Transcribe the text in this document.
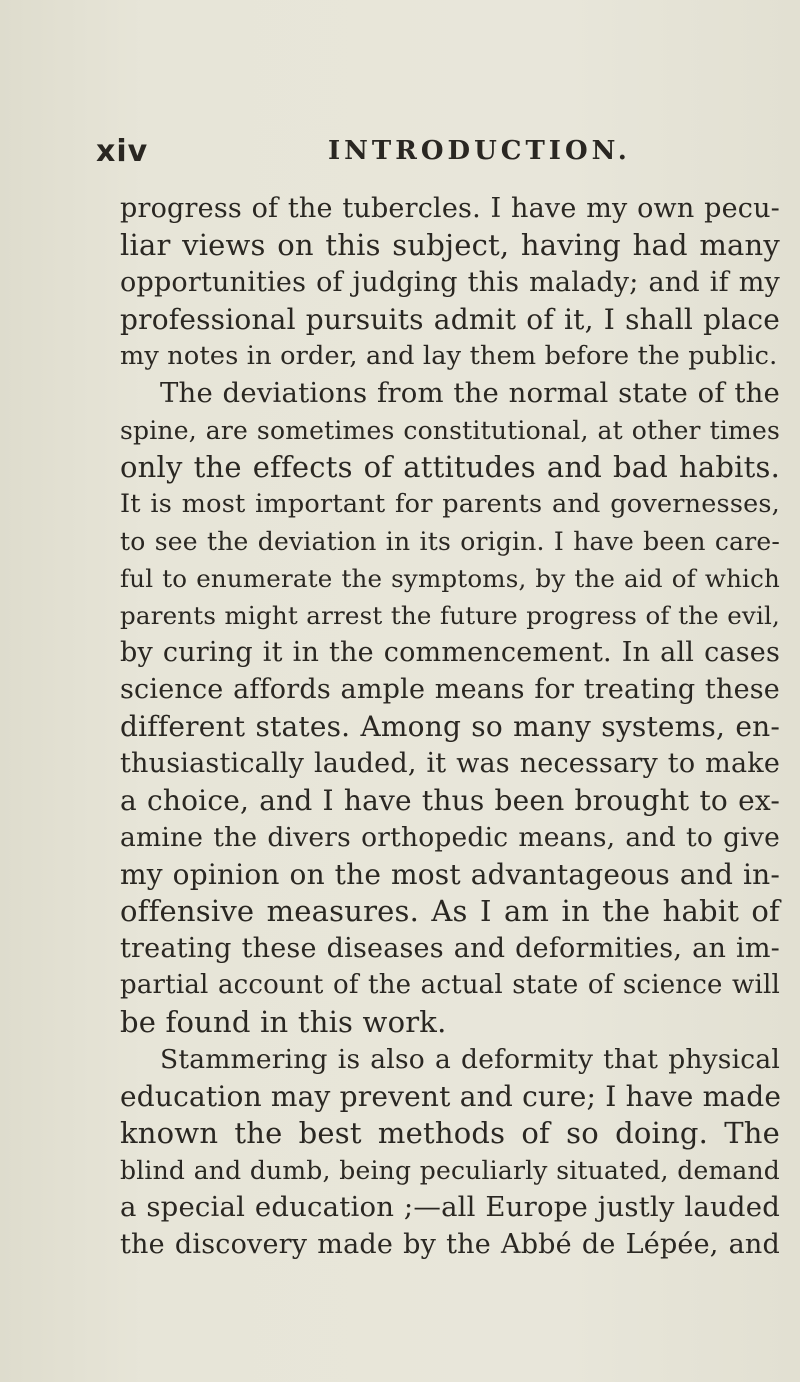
xiv	INTRODUCTION.
progress of the tubercles. I have my own pecu-
liar views on this subject, having had many
opportunities of judging this malady; and if my
professional pursuits admit of it, I shall place
my notes in order, and lay them before the public.
The deviations from the normal state of the
spine, are sometimes constitutional, at other times
only the effects of attitudes and bad habits.
It is most important for parents and governesses,
to see the deviation in its origin. I have been care-
ful to enumerate the symptoms, by the aid of which
parents might arrest the future progress of the evil,
by curing it in the commencement. In all cases
science affords ample means for treating these
different states. Among so many systems, en-
thusiastically lauded, it was necessary to make
a choice, and I have thus been brought to ex-
amine the divers orthopedic means, and to give
my opinion on the most advantageous and in-
offensive measures. As I am in the habit of
treating these diseases and deformities, an im-
partial account of the actual state of science will
be found in this work.
Stammering is also a deformity that physical
education may prevent and cure; I have made
known the best methods of so doing. The
blind and dumb, being peculiarly situated, demand
a special education ;—all Europe justly lauded
the discovery made by the Abbé de Lépée, and
